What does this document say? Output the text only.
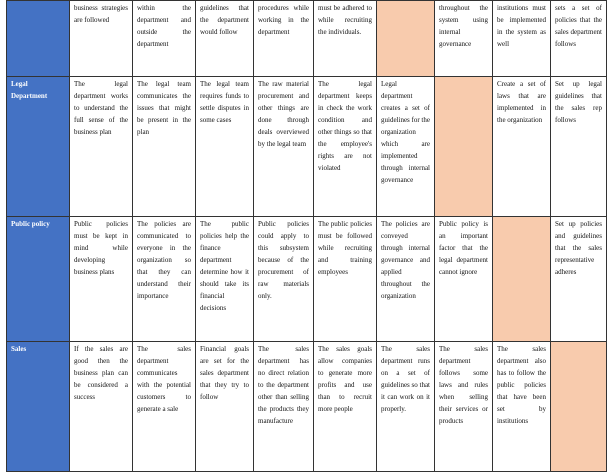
	business strategies are followed	within the department and outside the department	guidelines that the department would follow	procedures while working in the department	must be adhered to while recruiting the individuals.		throughout the system using internal governance	institutions must be implemented in the system as well	sets a set of policies that the sales department follows
Legal Department	The legal department works to understand the full sense of the business plan	The legal team communicates the issues that might be present in the plan	The legal team requires funds to settle disputes in some cases	The raw material procurement and other things are done through deals overviewed by the legal team	The legal department keeps in check the work condition and other things so that the employee's rights are not violated	Legal department creates a set of guidelines for the organization which are implemented through internal governance		Create a set of laws that are implemented in the organization	Set up legal guidelines that the sales rep follows
Public policy	Public policies must be kept in mind while developing business plans	The policies are communicated to everyone in the organization so that they can understand their importance	The public policies help the finance department determine how it should take its financial decisions	Public policies could apply to this subsystem because of the procurement of raw materials only.	The public policies must be followed while recruiting and training employees	The policies are conveyed through internal governance and applied throughout the organization	Public policy is an important factor that the legal department cannot ignore		Set up policies and guidelines that the sales representative adheres
Sales	If the sales are good then the business plan can be considered a success	The sales department communicates with the potential customers to generate a sale	Financial goals are set for the sales department that they try to follow	The sales department has no direct relation to the department other than selling the products they manufacture	The sales goals allow companies to generate more profits and use than to recruit more people	The sales department runs on a set of guidelines so that it can work on it properly.	The sales department follows some laws and rules when selling their services or products	The sales department also has to follow the public policies that have been set by institutions	
